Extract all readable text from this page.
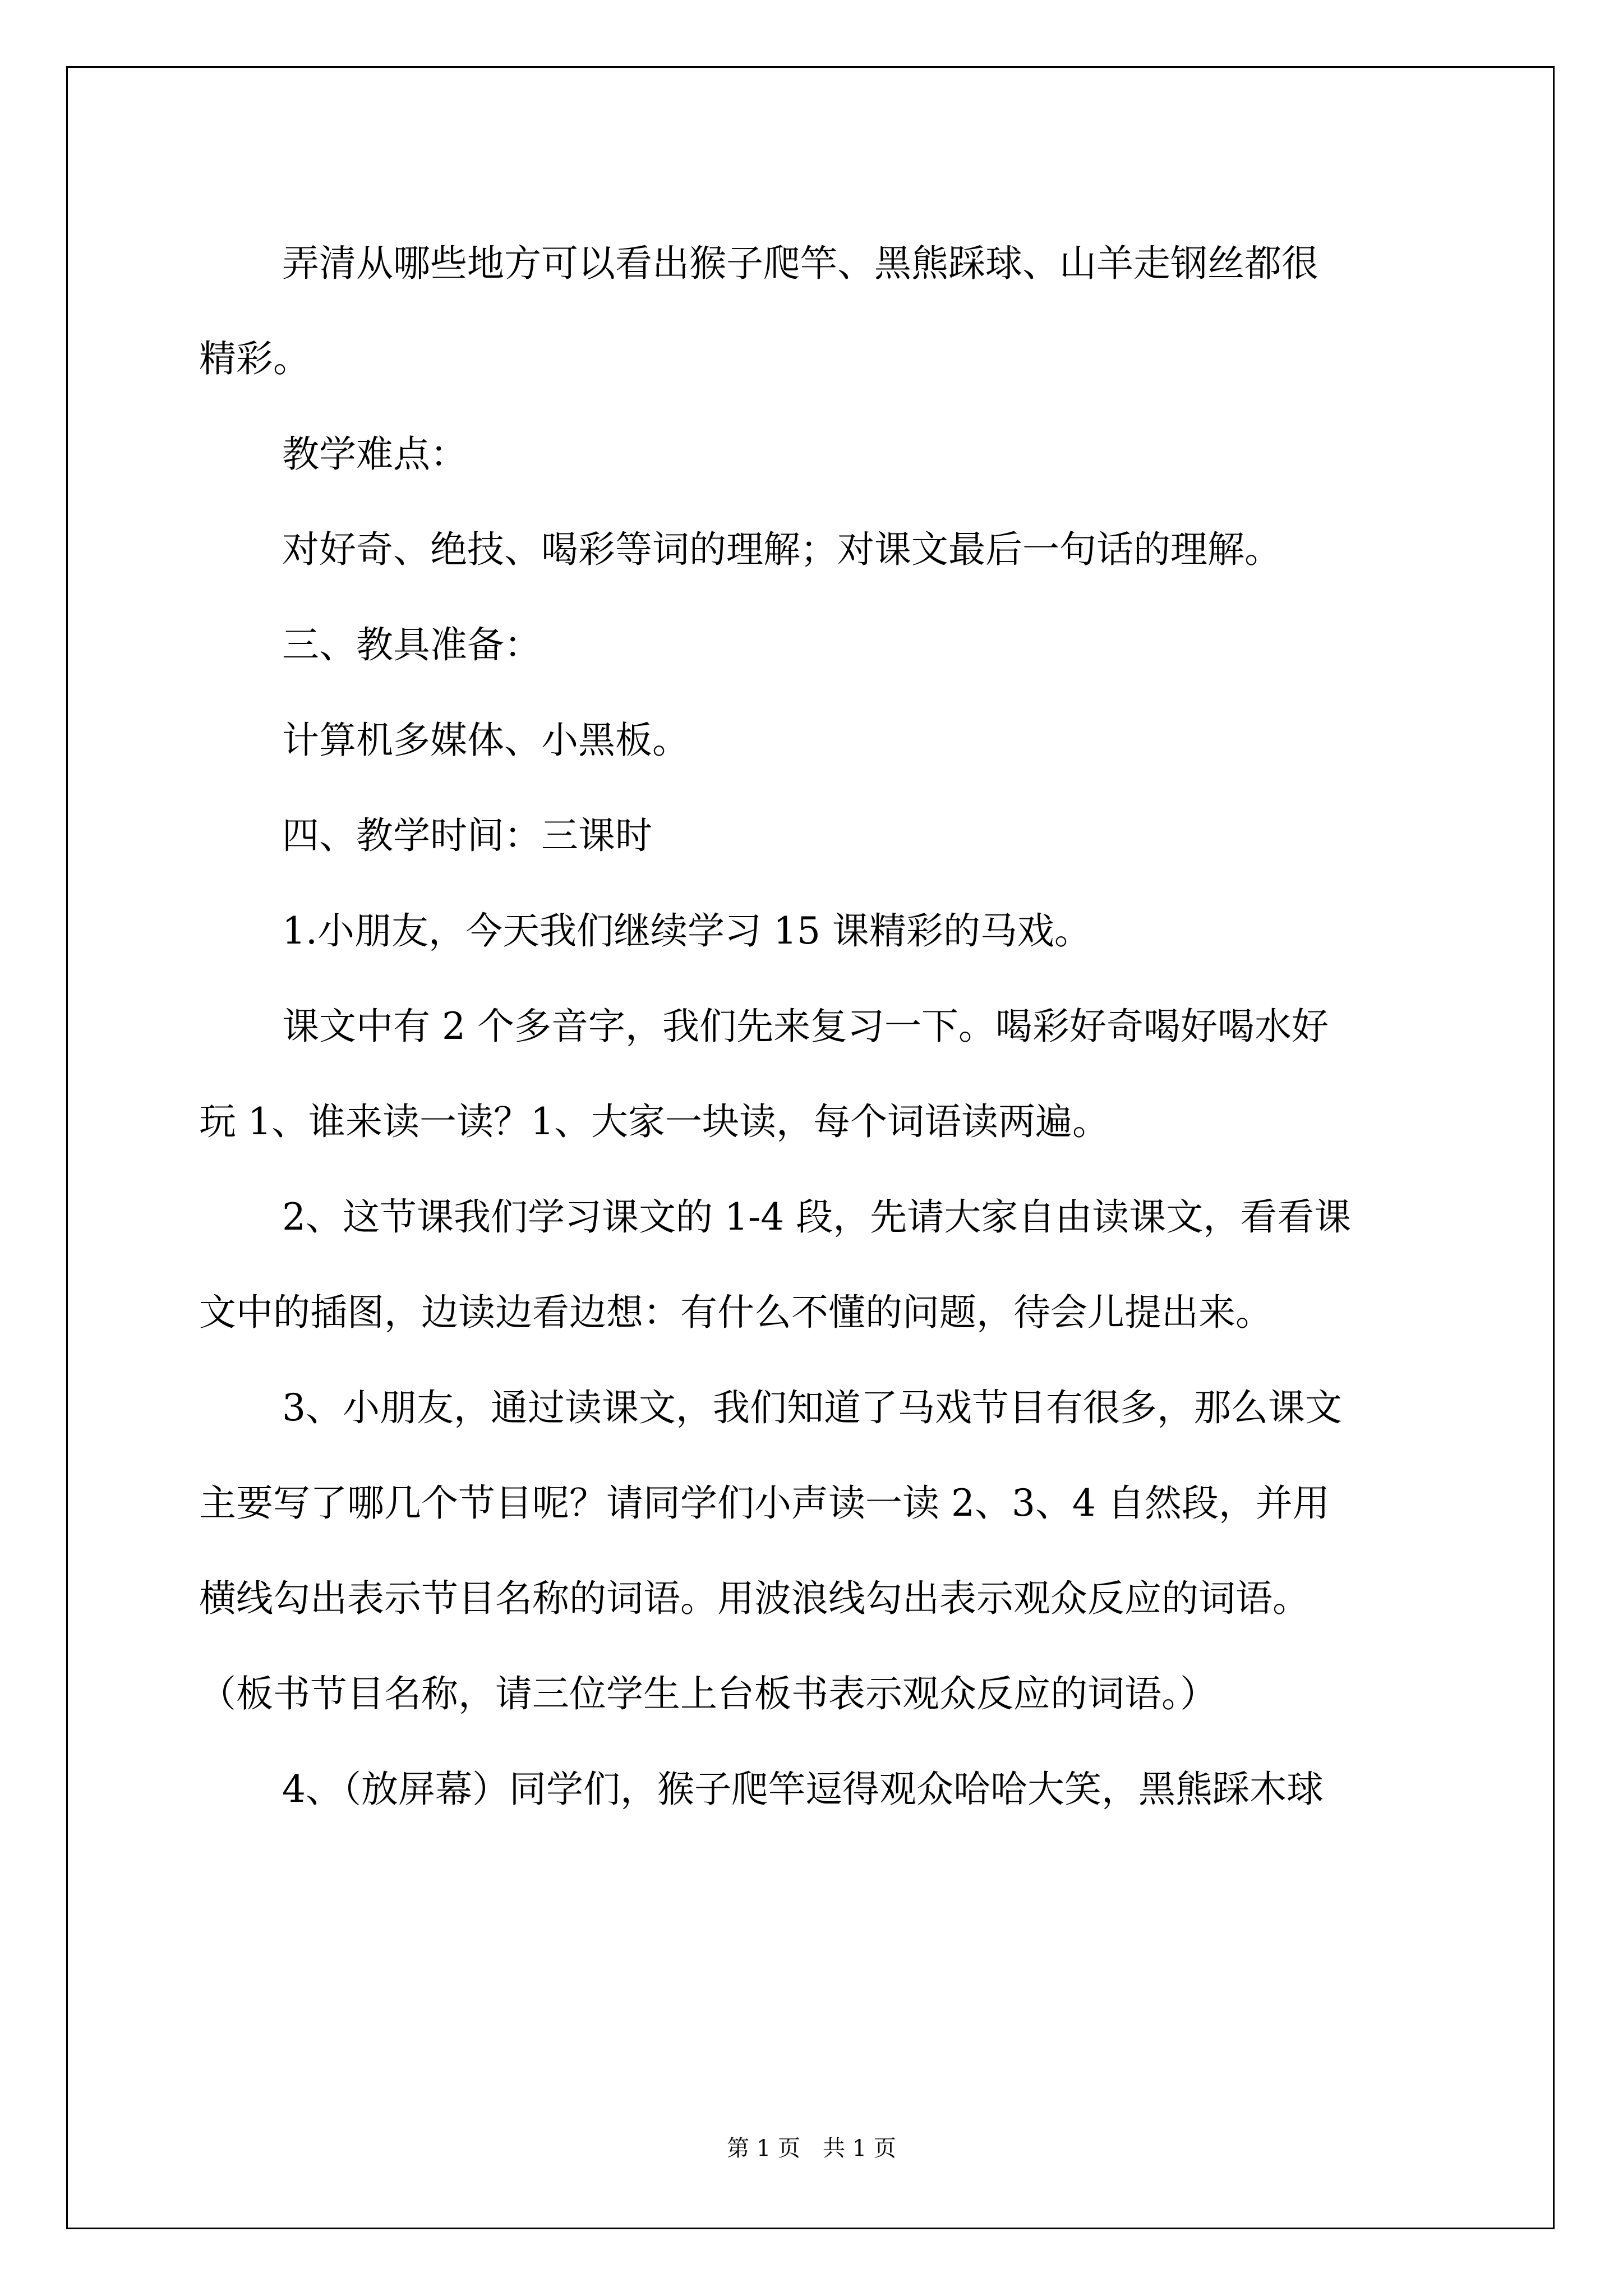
弄清从哪些地方可以看出猴子爬竿、黑熊踩球、山羊走钢丝都很

精彩。

教学难点：

对好奇、绝技、喝彩等词的理解；对课文最后一句话的理解。

三、教具准备：

计算机多媒体、小黑板。

四、教学时间：三课时

1.小朋友，今天我们继续学习 15 课精彩的马戏。

课文中有 2 个多音字，我们先来复习一下。喝彩好奇喝好喝水好

玩 1、谁来读一读？1、大家一块读，每个词语读两遍。

2、这节课我们学习课文的 1-4 段，先请大家自由读课文，看看课

文中的插图，边读边看边想：有什么不懂的问题，待会儿提出来。

3、小朋友，通过读课文，我们知道了马戏节目有很多，那么课文

主要写了哪几个节目呢？请同学们小声读一读 2、3、4 自然段，并用

横线勾出表示节目名称的词语。用波浪线勾出表示观众反应的词语。

（板书节目名称，请三位学生上台板书表示观众反应的词语。）

4、（放屏幕）同学们，猴子爬竿逗得观众哈哈大笑，黑熊踩木球

第 1 页　共 1 页
